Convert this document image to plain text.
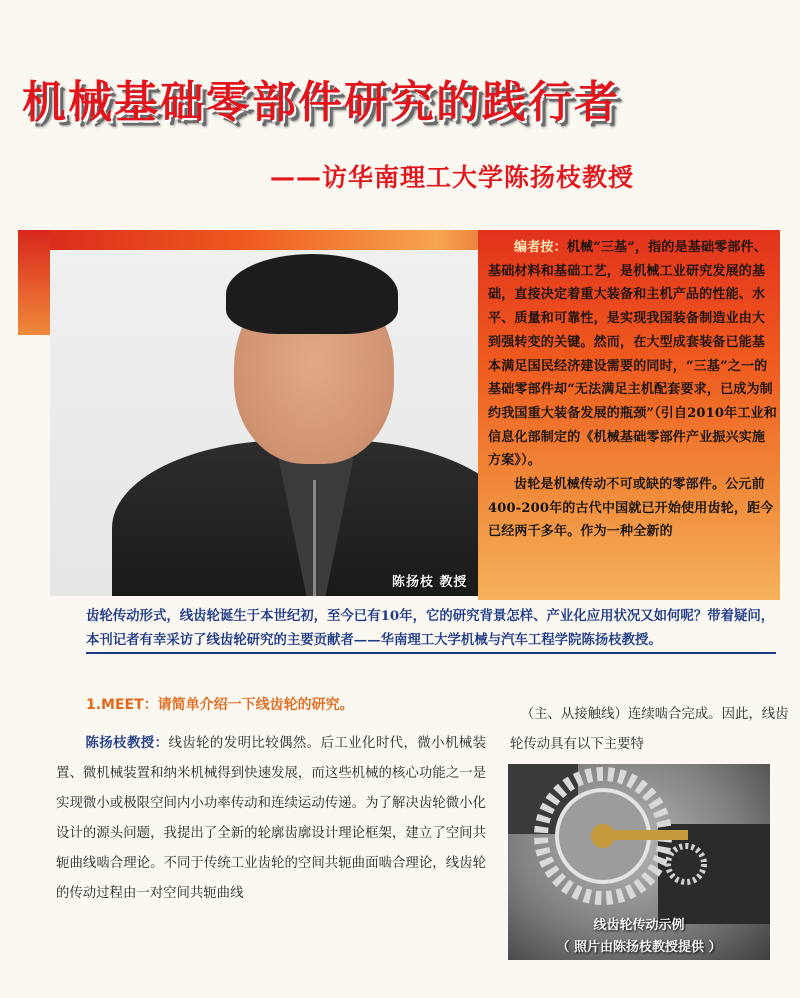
机械基础零部件研究的践行者
——访华南理工大学陈扬枝教授
陈扬枝 教授

编者按：机械“三基”，指的是基础零部件、基础材料和基础工艺，是机械工业研究发展的基础，直接决定着重大装备和主机产品的性能、水平、质量和可靠性，是实现我国装备制造业由大到强转变的关键。然而，在大型成套装备已能基本满足国民经济建设需要的同时，“三基”之一的基础零部件却“无法满足主机配套要求，已成为制约我国重大装备发展的瓶颈”（引自2010年工业和信息化部制定的《机械基础零部件产业振兴实施方案》）。

齿轮是机械传动不可或缺的零部件。公元前400-200年的古代中国就已开始使用齿轮，距今已经两千多年。作为一种全新的

齿轮传动形式，线齿轮诞生于本世纪初，至今已有10年，它的研究背景怎样、产业化应用状况又如何呢？带着疑问，本刊记者有幸采访了线齿轮研究的主要贡献者——华南理工大学机械与汽车工程学院陈扬枝教授。

1.MEET：请简单介绍一下线齿轮的研究。

陈扬枝教授：线齿轮的发明比较偶然。后工业化时代，微小机械装置、微机械装置和纳米机械得到快速发展，而这些机械的核心功能之一是实现微小或极限空间内小功率传动和连续运动传递。为了解决齿轮微小化设计的源头问题，我提出了全新的轮廓齿廓设计理论框架，建立了空间共轭曲线啮合理论。不同于传统工业齿轮的空间共轭曲面啮合理论，线齿轮的传动过程由一对空间共轭曲线

（主、从接触线）连续啮合完成。因此，线齿轮传动具有以下主要特

线齿轮传动示例
（ 照片由陈扬枝教授提供 ）
